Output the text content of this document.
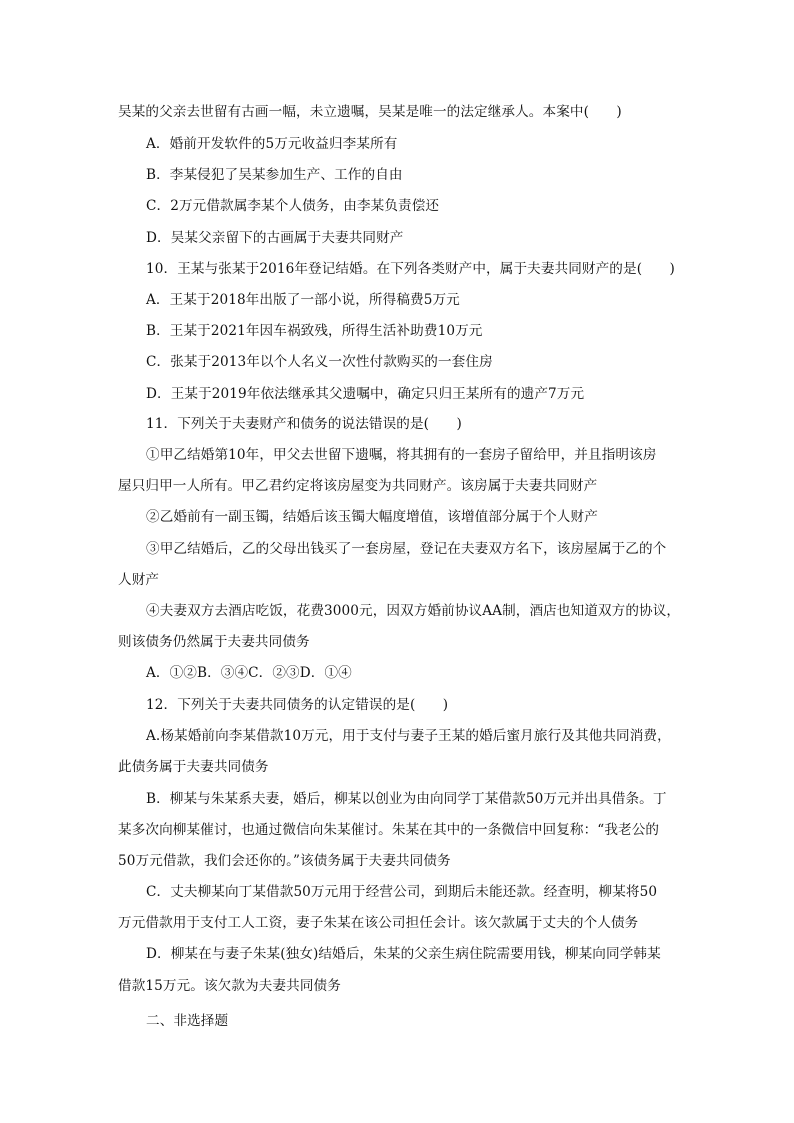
吴某的父亲去世留有古画一幅，未立遗嘱，吴某是唯一的法定继承人。本案中(　　)
A．婚前开发软件的5万元收益归李某所有
B．李某侵犯了吴某参加生产、工作的自由
C．2万元借款属李某个人债务，由李某负责偿还
D．吴某父亲留下的古画属于夫妻共同财产
10．王某与张某于2016年登记结婚。在下列各类财产中，属于夫妻共同财产的是(　　)
A．王某于2018年出版了一部小说，所得稿费5万元
B．王某于2021年因车祸致残，所得生活补助费10万元
C．张某于2013年以个人名义一次性付款购买的一套住房
D．王某于2019年依法继承其父遗嘱中，确定只归王某所有的遗产7万元
11．下列关于夫妻财产和债务的说法错误的是(　　)
①甲乙结婚第10年，甲父去世留下遗嘱，将其拥有的一套房子留给甲，并且指明该房
屋只归甲一人所有。甲乙君约定将该房屋变为共同财产。该房属于夫妻共同财产
②乙婚前有一副玉镯，结婚后该玉镯大幅度增值，该增值部分属于个人财产
③甲乙结婚后，乙的父母出钱买了一套房屋，登记在夫妻双方名下，该房屋属于乙的个
人财产
④夫妻双方去酒店吃饭，花费3000元，因双方婚前协议AA制，酒店也知道双方的协议，
则该债务仍然属于夫妻共同债务
A．①②B．③④C．②③D．①④
12．下列关于夫妻共同债务的认定错误的是(　　)
A.杨某婚前向李某借款10万元，用于支付与妻子王某的婚后蜜月旅行及其他共同消费，
此债务属于夫妻共同债务
B．柳某与朱某系夫妻，婚后，柳某以创业为由向同学丁某借款50万元并出具借条。丁
某多次向柳某催讨，也通过微信向朱某催讨。朱某在其中的一条微信中回复称：“我老公的
50万元借款，我们会还你的。”该债务属于夫妻共同债务
C．丈夫柳某向丁某借款50万元用于经营公司，到期后未能还款。经查明，柳某将50
万元借款用于支付工人工资，妻子朱某在该公司担任会计。该欠款属于丈夫的个人债务
D．柳某在与妻子朱某(独女)结婚后，朱某的父亲生病住院需要用钱，柳某向同学韩某
借款15万元。该欠款为夫妻共同债务
二、非选择题
